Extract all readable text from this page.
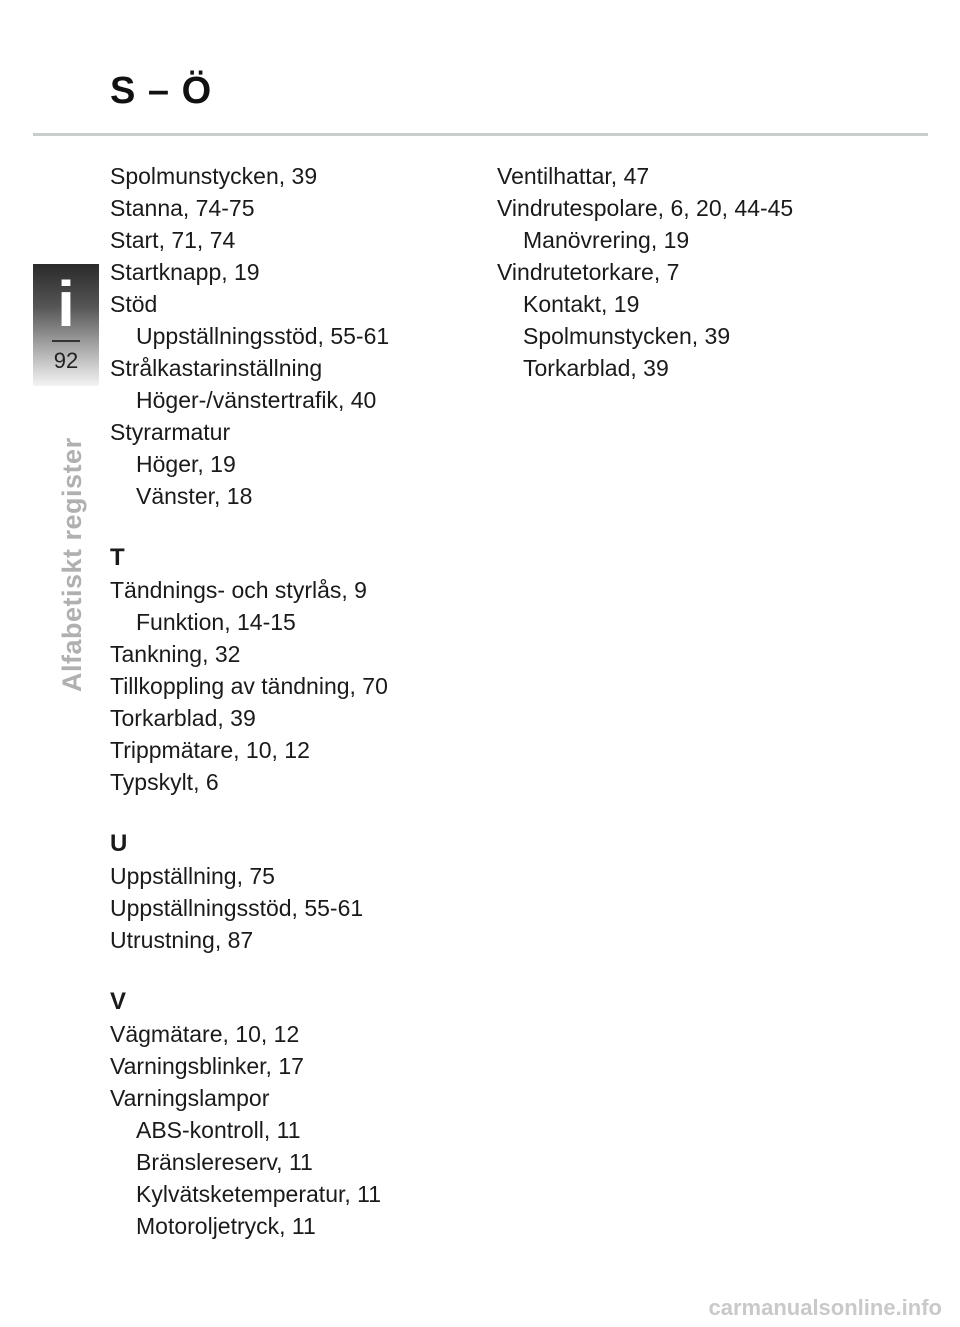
S – Ö
i
92
Alfabetiskt register
Spolmunstycken, 39
Stanna, 74-75
Start, 71, 74
Startknapp, 19
Stöd
Uppställningsstöd, 55-61
Strålkastarinställning
Höger-/vänstertrafik, 40
Styrarmatur
Höger, 19
Vänster, 18
T
Tändnings- och styrlås, 9
Funktion, 14-15
Tankning, 32
Tillkoppling av tändning, 70
Torkarblad, 39
Trippmätare, 10, 12
Typskylt, 6
U
Uppställning, 75
Uppställningsstöd, 55-61
Utrustning, 87
V
Vägmätare, 10, 12
Varningsblinker, 17
Varningslampor
ABS-kontroll, 11
Bränslereserv, 11
Kylvätsketemperatur, 11
Motoroljetryck, 11
Ventilhattar, 47
Vindrutespolare, 6, 20, 44-45
Manövrering, 19
Vindrutetorkare, 7
Kontakt, 19
Spolmunstycken, 39
Torkarblad, 39
carmanualsonline.info
